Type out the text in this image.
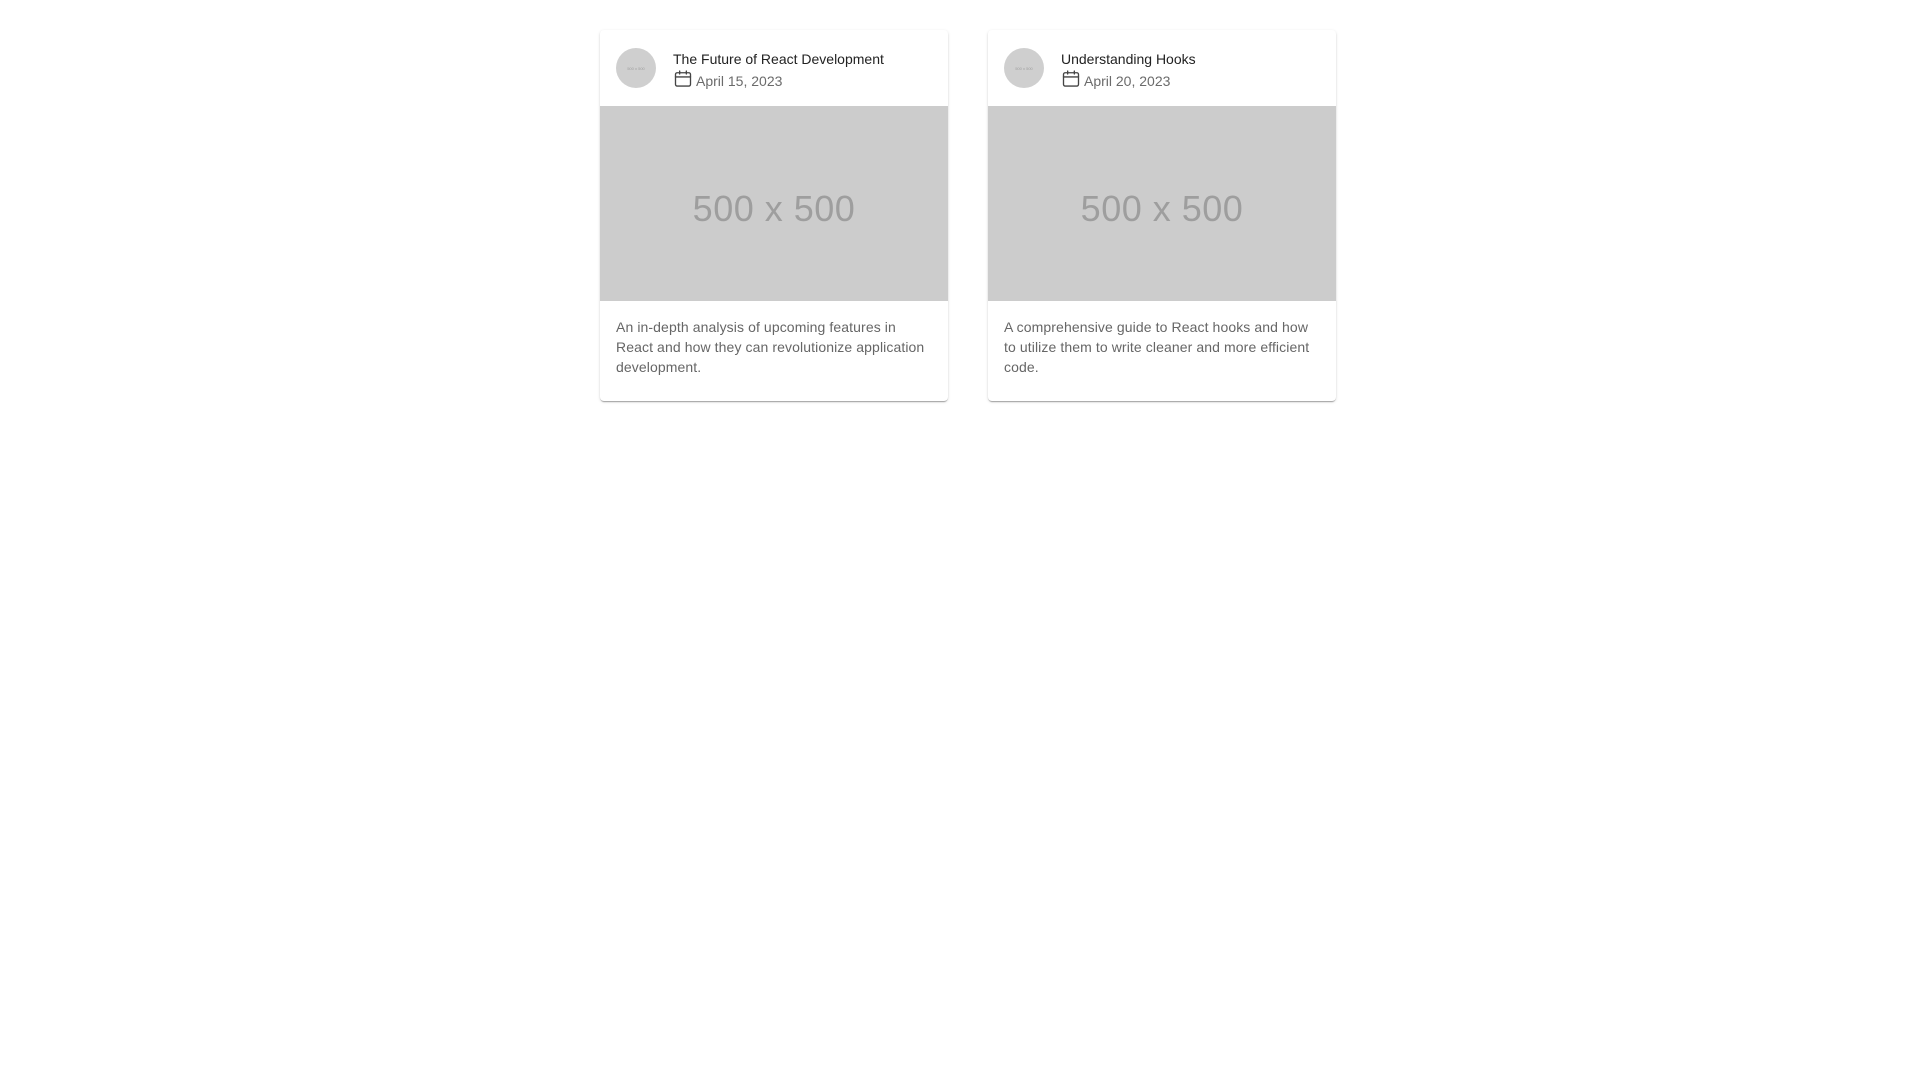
500 x 500
The Future of React Development
April 15, 2023
500 x 500

An in-depth analysis of upcoming features in React and how they can revolutionize application development.

500 x 500
Understanding Hooks
April 20, 2023
500 x 500

A comprehensive guide to React hooks and how to utilize them to write cleaner and more efficient code.
